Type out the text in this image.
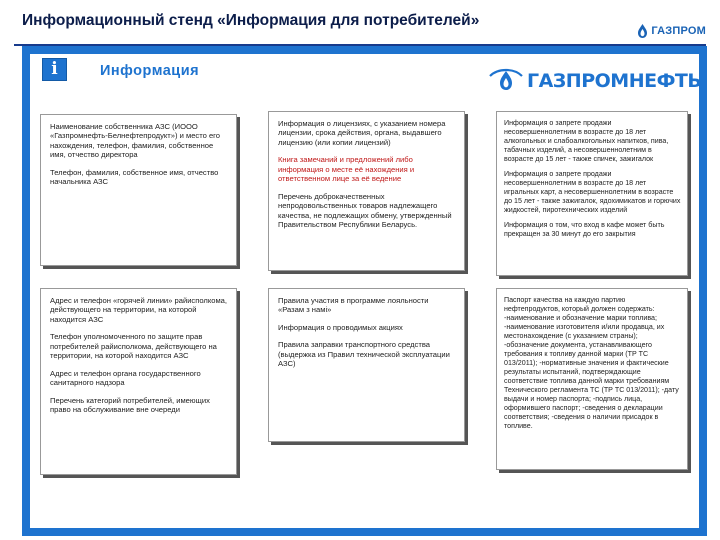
Информационный стенд «Информация для потребителей»
ГАЗПРОМ
i	Информация	ГАЗПРОМНЕФТЬ

Наименование собственника АЗС (ИООО «Газпромнефть-Белнефтепродукт») и место его нахождения, телефон, фамилия, собственное имя, отчество директора

Телефон, фамилия, собственное имя, отчество начальника АЗС

Информация о лицензиях, с указанием номера лицензии, срока действия, органа, выдавшего лицензию (или копии лицензий)

Книга замечаний и предложений либо информация о месте её нахождения и ответственном лице за её ведение

Перечень доброкачественных непродовольственных товаров надлежащего качества, не подлежащих обмену, утвержденный Правительством Республики Беларусь.

Информация о запрете продажи несовершеннолетним в возрасте до 18 лет алкогольных и слабоалкогольных напитков, пива, табачных изделий, а несовершеннолетним в возрасте до 15 лет - также спичек, зажигалок

Информация о запрете продажи несовершеннолетним в возрасте до 18 лет игральных карт, а несовершеннолетним в возрасте до 15 лет - также зажигалок, ядохимикатов и горючих жидкостей, пиротехнических изделий

Информация о том, что вход в кафе может быть прекращен за 30 минут до его закрытия

Адрес и телефон «горячей линии» райисполкома, действующего на территории, на которой находится АЗС

Телефон уполномоченного по защите прав потребителей райисполкома, действующего на территории, на которой находится АЗС

Адрес и телефон органа государственного санитарного надзора

Перечень категорий потребителей, имеющих право на обслуживание вне очереди

Правила участия в программе лояльности «Разам з намі»

Информация о проводимых акциях

Правила заправки транспортного средства (выдержка из Правил технической эксплуатации АЗС)

Паспорт качества на каждую партию нефтепродуктов, который должен содержать: -наименование и обозначение марки топлива; -наименование изготовителя и/или продавца, их местонахождение (с указанием страны); -обозначение документа, устанавливающего требования к топливу данной марки (ТР ТС 013/2011); -нормативные значения и фактические результаты испытаний, подтверждающие соответствие топлива данной марки требованиям Технического регламента ТС (ТР ТС 013/2011); -дату выдачи и номер паспорта; -подпись лица, оформившего паспорт; -сведения о декларации соответствия; -сведения о наличии присадок в топливе.
